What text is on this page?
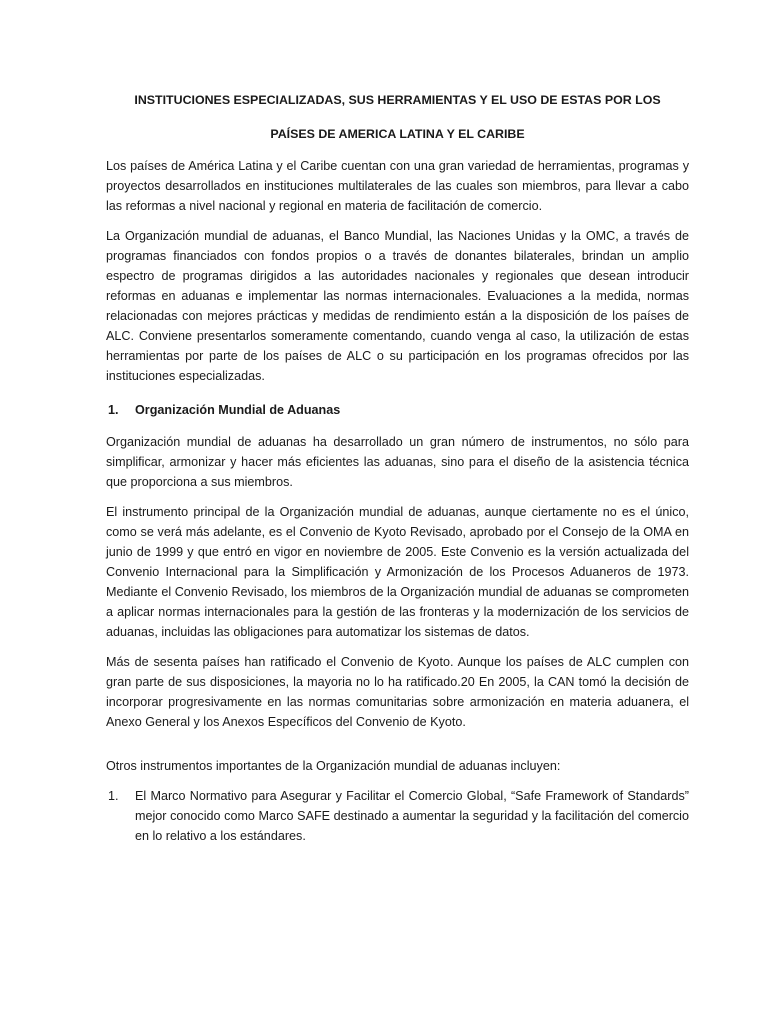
INSTITUCIONES ESPECIALIZADAS, SUS HERRAMIENTAS Y EL USO DE ESTAS POR LOS

PAÍSES DE AMERICA LATINA Y EL CARIBE

Los países de América Latina y el Caribe cuentan con una gran variedad de herramientas, programas y proyectos desarrollados en instituciones multilaterales de las cuales son miembros, para llevar a cabo las reformas a nivel nacional y regional en materia de facilitación de comercio.

La Organización mundial de aduanas, el Banco Mundial, las Naciones Unidas y la OMC, a través de programas financiados con fondos propios o a través de donantes bilaterales, brindan un amplio espectro de programas dirigidos a las autoridades nacionales y regionales que desean introducir reformas en aduanas e implementar las normas internacionales. Evaluaciones a la medida, normas relacionadas con mejores prácticas y medidas de rendimiento están a la disposición de los países de ALC. Conviene presentarlos someramente comentando, cuando venga al caso, la utilización de estas herramientas por parte de los países de ALC o su participación en los programas ofrecidos por las instituciones especializadas.

1.	Organización Mundial de Aduanas

Organización mundial de aduanas ha desarrollado un gran número de instrumentos, no sólo para simplificar, armonizar y hacer más eficientes las aduanas, sino para el diseño de la asistencia técnica que proporciona a sus miembros.

El instrumento principal de la Organización mundial de aduanas, aunque ciertamente no es el único, como se verá más adelante, es el Convenio de Kyoto Revisado, aprobado por el Consejo de la OMA en junio de 1999 y que entró en vigor en noviembre de 2005. Este Convenio es la versión actualizada del Convenio Internacional para la Simplificación y Armonización de los Procesos Aduaneros de 1973. Mediante el Convenio Revisado, los miembros de la Organización mundial de aduanas se comprometen a aplicar normas internacionales para la gestión de las fronteras y la modernización de los servicios de aduanas, incluidas las obligaciones para automatizar los sistemas de datos.

Más de sesenta países han ratificado el Convenio de Kyoto. Aunque los países de ALC cumplen con gran parte de sus disposiciones, la mayoria no lo ha ratificado.20 En 2005, la CAN tomó la decisión de incorporar progresivamente en las normas comunitarias sobre armonización en materia aduanera, el Anexo General y los Anexos Específicos del Convenio de Kyoto.

Otros instrumentos importantes de la Organización mundial de aduanas incluyen:

1.	El Marco Normativo para Asegurar y Facilitar el Comercio Global, “Safe Framework of Standards” mejor conocido como Marco SAFE destinado a aumentar la seguridad y la facilitación del comercio en lo relativo a los estándares.
